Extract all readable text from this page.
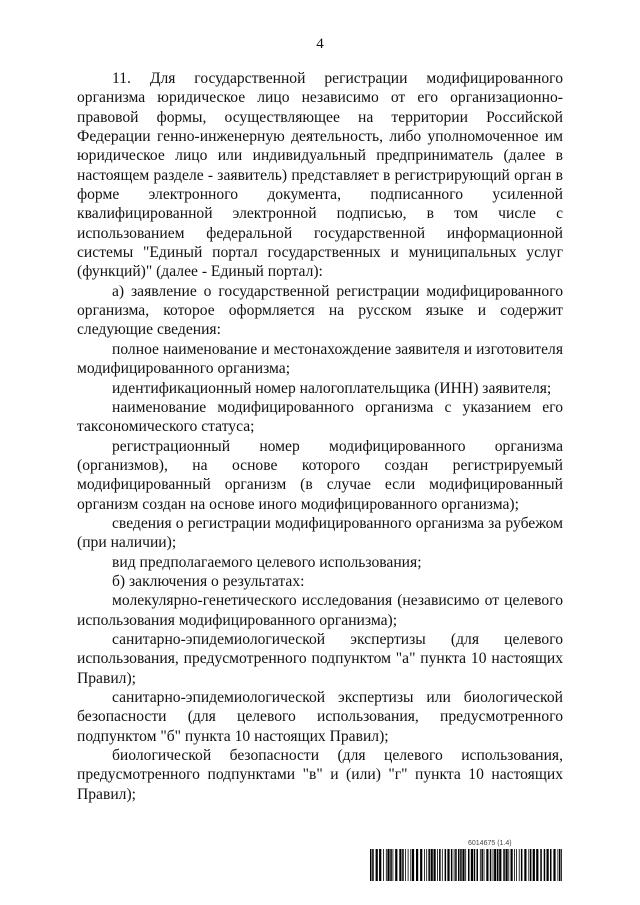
4

11. Для государственной регистрации модифицированного организма юридическое лицо независимо от его организационно-правовой формы, осуществляющее на территории Российской Федерации генно-инженерную деятельность, либо уполномоченное им юридическое лицо или индивидуальный предприниматель (далее в настоящем разделе - заявитель) представляет в регистрирующий орган в форме электронного документа, подписанного усиленной квалифицированной электронной подписью, в том числе с использованием федеральной государственной информационной системы "Единый портал государственных и муниципальных услуг (функций)" (далее - Единый портал):

а) заявление о государственной регистрации модифицированного организма, которое оформляется на русском языке и содержит следующие сведения:

полное наименование и местонахождение заявителя и изготовителя модифицированного организма;

идентификационный номер налогоплательщика (ИНН) заявителя;

наименование модифицированного организма с указанием его таксономического статуса;

регистрационный номер модифицированного организма (организмов), на основе которого создан регистрируемый модифицированный организм (в случае если модифицированный организм создан на основе иного модифицированного организма);

сведения о регистрации модифицированного организма за рубежом (при наличии);

вид предполагаемого целевого использования;

б) заключения о результатах:

молекулярно-генетического исследования (независимо от целевого использования модифицированного организма);

санитарно-эпидемиологической экспертизы (для целевого использования, предусмотренного подпунктом "а" пункта 10 настоящих Правил);

санитарно-эпидемиологической экспертизы или биологической безопасности (для целевого использования, предусмотренного подпунктом "б" пункта 10 настоящих Правил);

биологической безопасности (для целевого использования, предусмотренного подпунктами "в" и (или) "г" пункта 10 настоящих Правил);

6014675 (1.4)
